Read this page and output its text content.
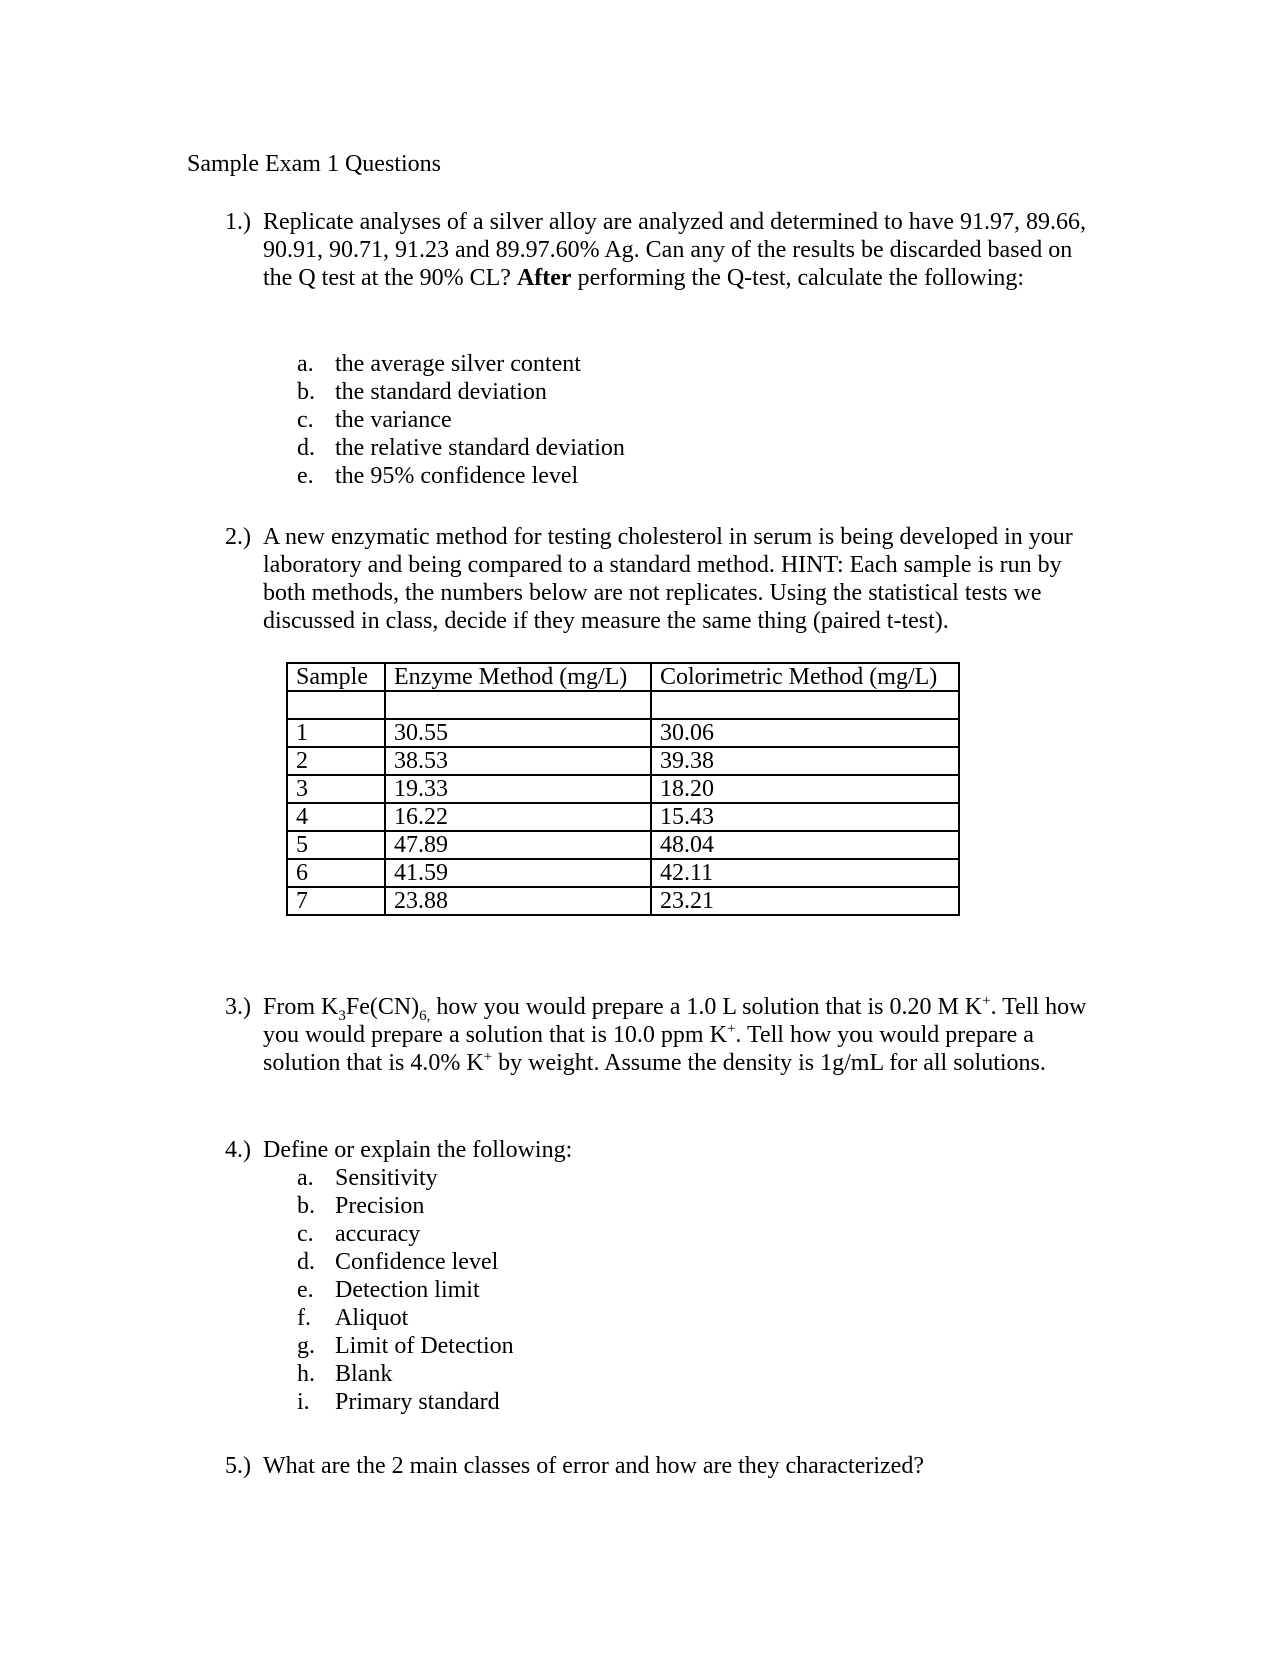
Sample Exam 1 Questions
1.) Replicate analyses of a silver alloy are analyzed and determined to have 91.97, 89.66, 90.91, 90.71, 91.23 and 89.97.60% Ag. Can any of the results be discarded based on the Q test at the 90% CL? After performing the Q-test, calculate the following:
a. the average silver content
b. the standard deviation
c. the variance
d. the relative standard deviation
e. the 95% confidence level
2.) A new enzymatic method for testing cholesterol in serum is being developed in your laboratory and being compared to a standard method. HINT: Each sample is run by both methods, the numbers below are not replicates. Using the statistical tests we discussed in class, decide if they measure the same thing (paired t-test).
Sample	Enzyme Method (mg/L)	Colorimetric Method (mg/L)

1	30.55	30.06
2	38.53	39.38
3	19.33	18.20
4	16.22	15.43
5	47.89	48.04
6	41.59	42.11
7	23.88	23.21
3.) From $K_3Fe(CN)_{6,}$ how you would prepare a 1.0 L solution that is 0.20 M K+. Tell how you would prepare a solution that is 10.0 ppm K+. Tell how you would prepare a solution that is 4.0% K+ by weight. Assume the density is 1g/mL for all solutions.
4.) Define or explain the following:
a. Sensitivity
b. Precision
c. accuracy
d. Confidence level
e. Detection limit
f. Aliquot
g. Limit of Detection
h. Blank
i. Primary standard
5.) What are the 2 main classes of error and how are they characterized?
